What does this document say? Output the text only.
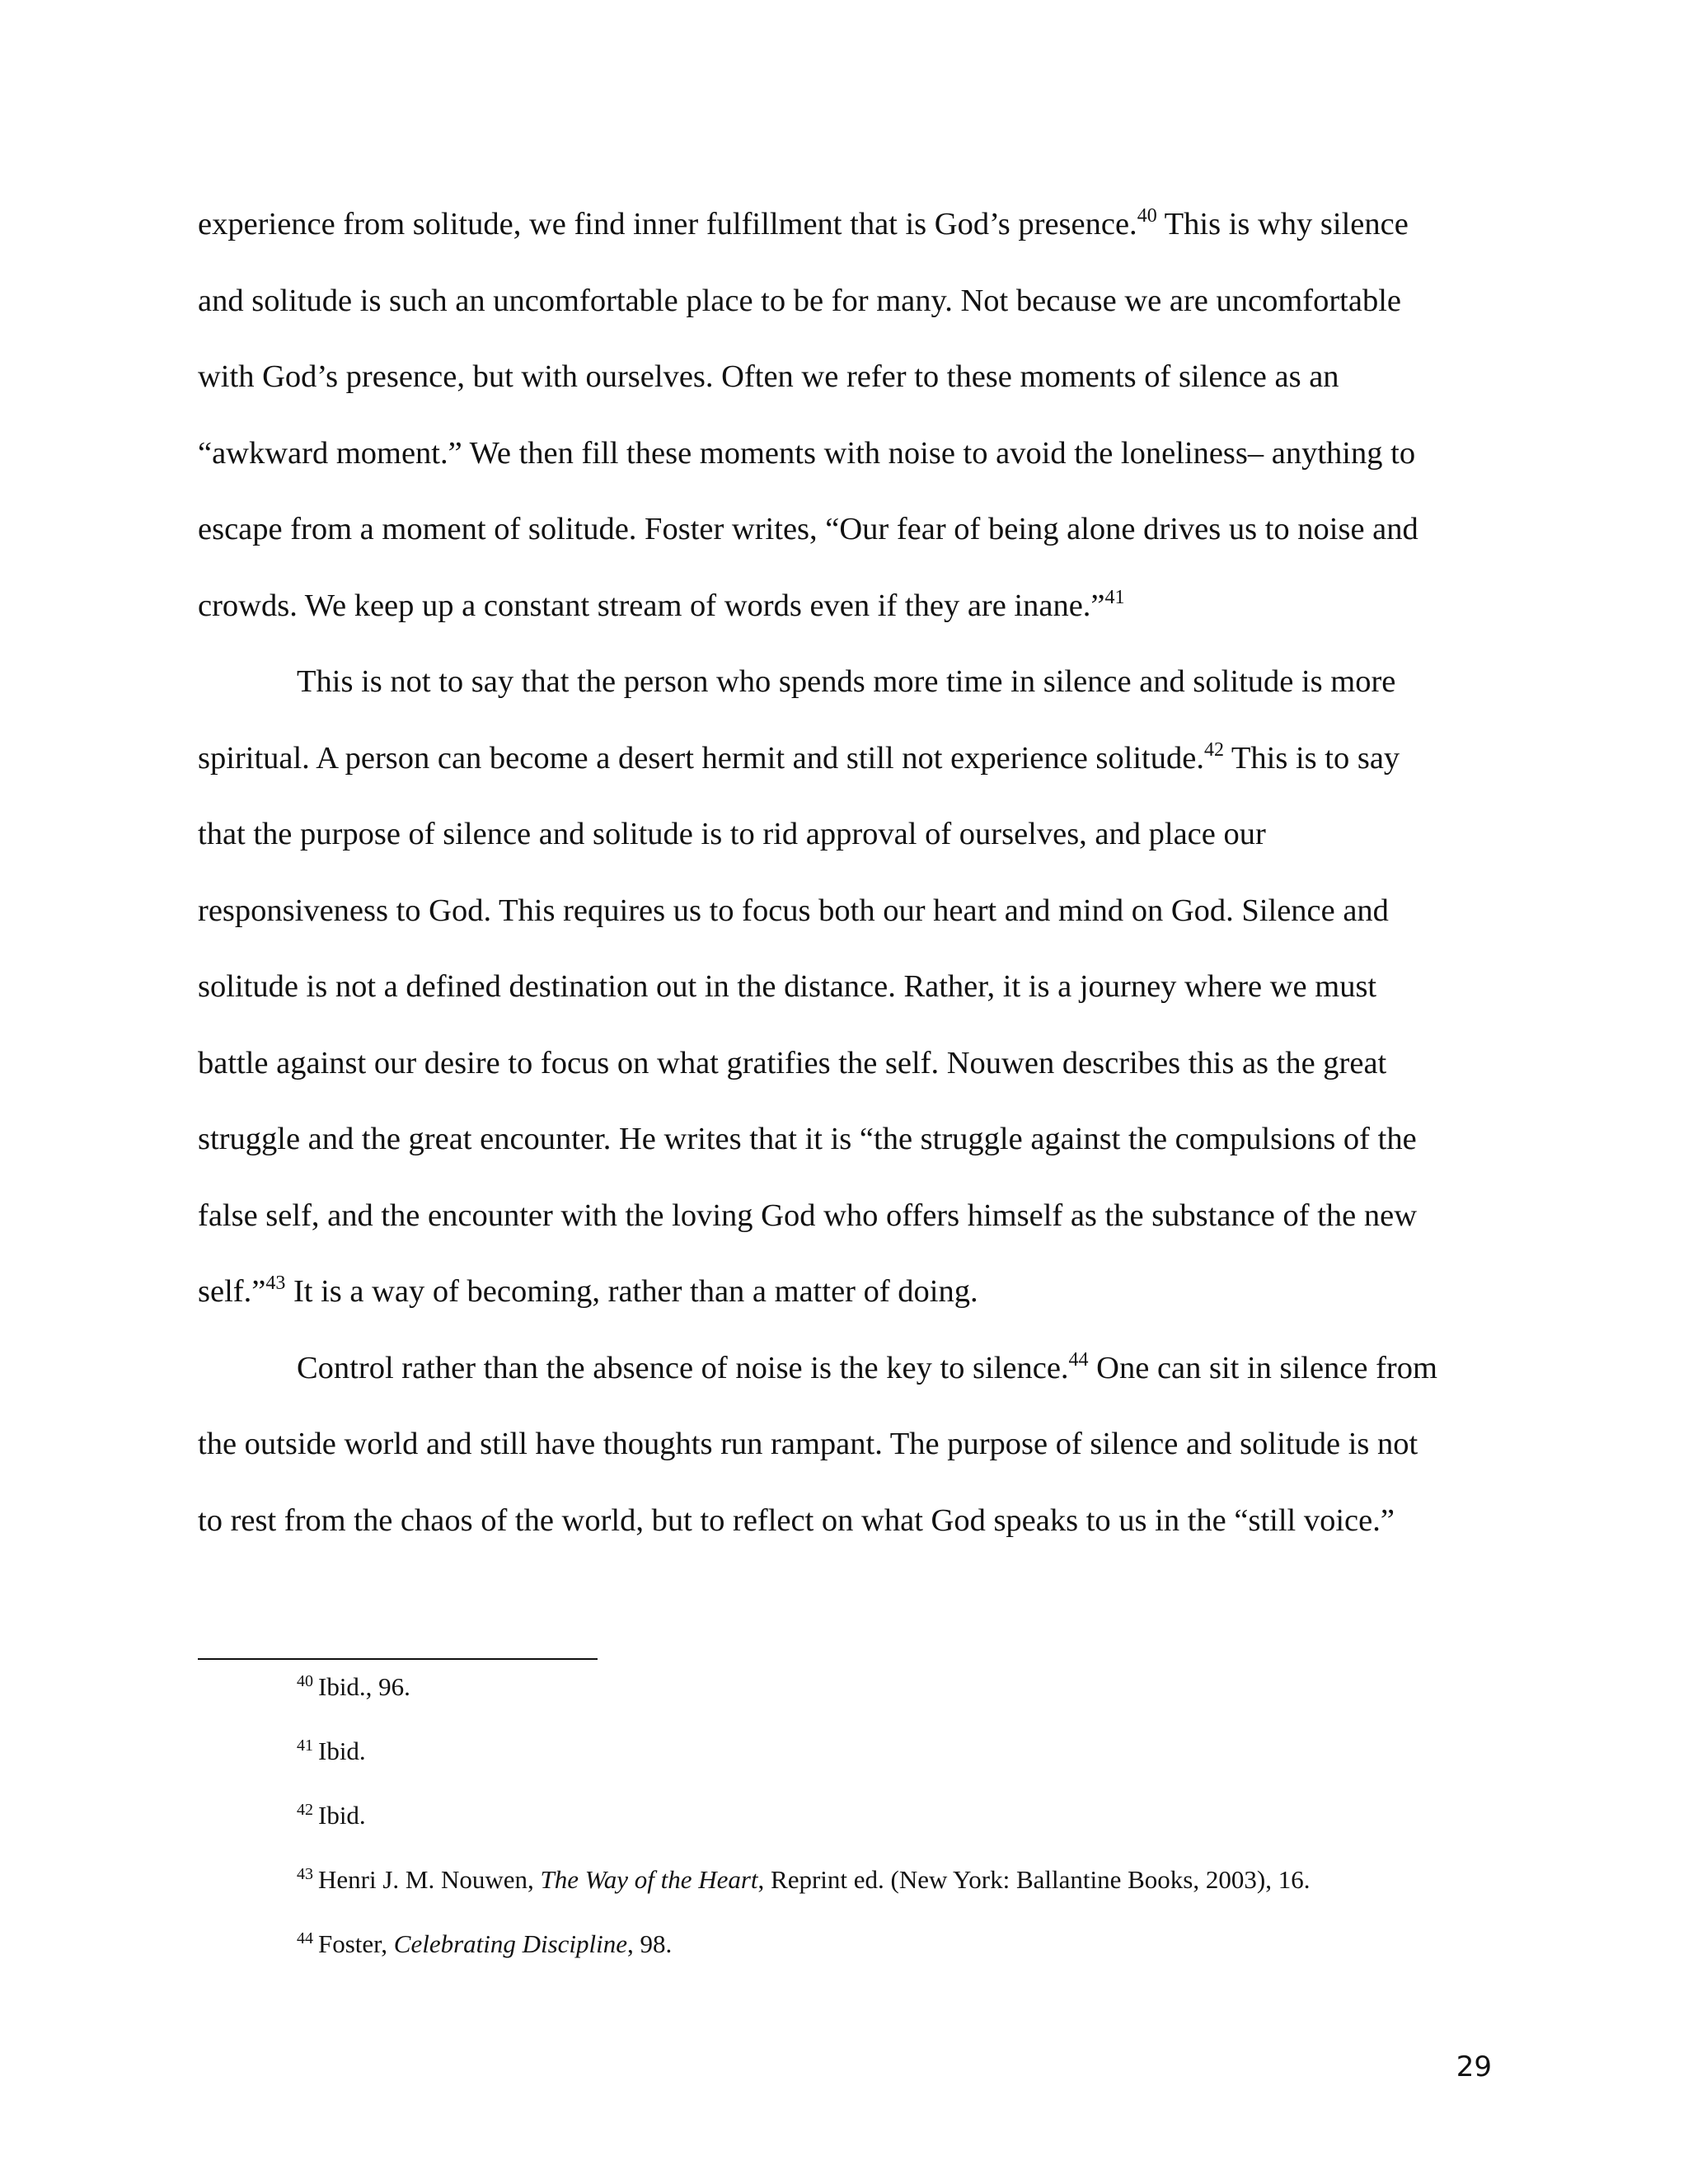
experience from solitude, we find inner fulfillment that is God’s presence.$^{40}$ This is why silence
and solitude is such an uncomfortable place to be for many. Not because we are uncomfortable
with God’s presence, but with ourselves. Often we refer to these moments of silence as an
“awkward moment.” We then fill these moments with noise to avoid the loneliness– anything to
escape from a moment of solitude. Foster writes, “Our fear of being alone drives us to noise and
crowds. We keep up a constant stream of words even if they are inane.”$^{41}$
This is not to say that the person who spends more time in silence and solitude is more
spiritual. A person can become a desert hermit and still not experience solitude.$^{42}$ This is to say
that the purpose of silence and solitude is to rid approval of ourselves, and place our
responsiveness to God. This requires us to focus both our heart and mind on God. Silence and
solitude is not a defined destination out in the distance. Rather, it is a journey where we must
battle against our desire to focus on what gratifies the self. Nouwen describes this as the great
struggle and the great encounter. He writes that it is “the struggle against the compulsions of the
false self, and the encounter with the loving God who offers himself as the substance of the new
self.”$^{43}$ It is a way of becoming, rather than a matter of doing.
Control rather than the absence of noise is the key to silence.$^{44}$ One can sit in silence from
the outside world and still have thoughts run rampant. The purpose of silence and solitude is not
to rest from the chaos of the world, but to reflect on what God speaks to us in the “still voice.”
$^{40}$ Ibid., 96.
$^{41}$ Ibid.
$^{42}$ Ibid.
$^{43}$ Henri J. M. Nouwen, The Way of the Heart, Reprint ed. (New York: Ballantine Books, 2003), 16.
$^{44}$ Foster, Celebrating Discipline, 98.
29
